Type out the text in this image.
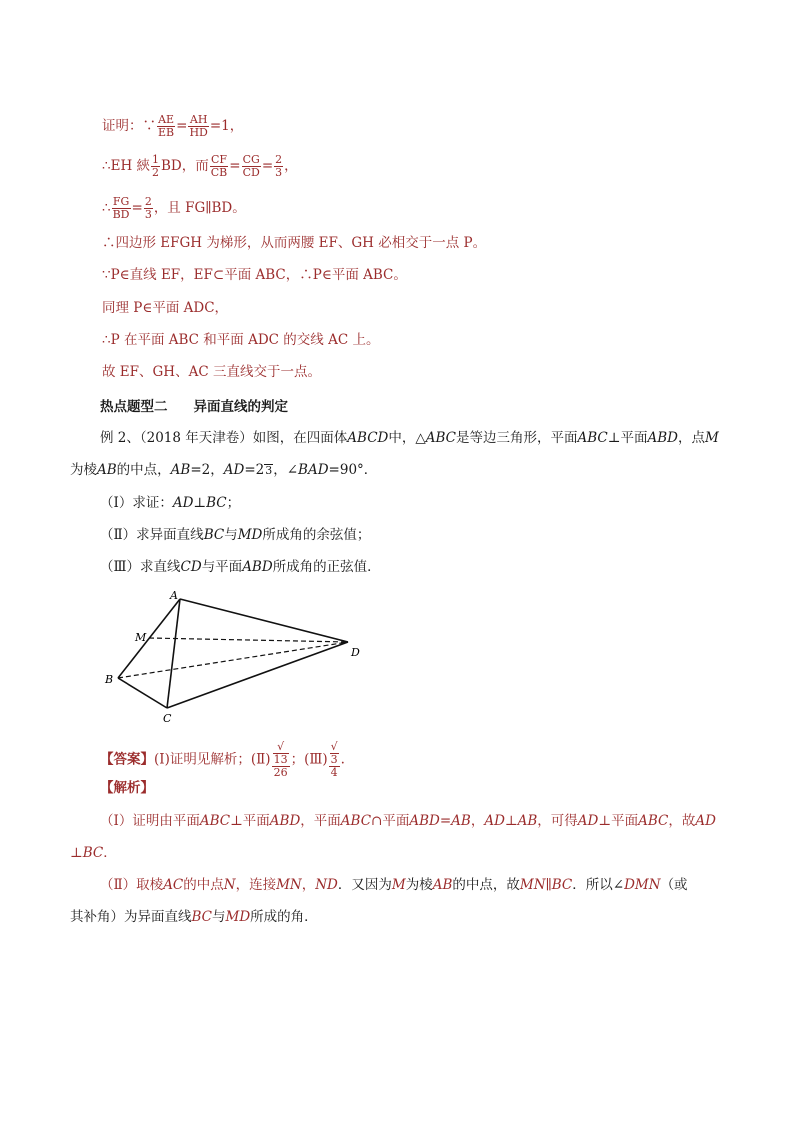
证明：∵ $\frac{AE}{EB} = \frac{AH}{HD} =1$，
∴EH 綊 $\frac{1}{2}$ BD，而 $\frac{CF}{CB} = \frac{CG}{CD} = \frac{2}{3}$ ，
∴ $\frac{FG}{BD} = \frac{2}{3}$ ，且 FG∥BD。
∴四边形 EFGH 为梯形，从而两腰 EF、GH 必相交于一点 P。
∵P∈直线 EF，EF⊂平面 ABC，∴P∈平面 ABC。
同理 P∈平面 ADC，
∴P 在平面 ABC 和平面 ADC 的交线 AC 上。
故 EF、GH、AC 三直线交于一点。
热点题型二 异面直线的判定
例 2、（2018 年天津卷）如图，在四面体ABCD中，△ABC是等边三角形，平面ABC⊥平面ABD，点M
为棱AB的中点，AB=2，AD=23，∠BAD=90°．
（Ⅰ）求证：AD⊥BC；
（Ⅱ）求异面直线BC与MD所成角的余弦值；
（Ⅲ）求直线CD与平面ABD所成角的正弦值．
A
M
B
C
D
【答案】(Ⅰ)证明见解析；(Ⅱ) √
13
26 ；(Ⅲ) √
3
4 .
【解析】
（Ⅰ）证明由平面ABC⊥平面ABD，平面ABC∩平面ABD=AB，AD⊥AB，可得AD⊥平面ABC，故AD
⊥BC．
（Ⅱ）取棱AC的中点N，连接MN，ND．又因为M为棱AB的中点，故MN∥BC．所以∠DMN（或
其补角）为异面直线BC与MD所成的角．
